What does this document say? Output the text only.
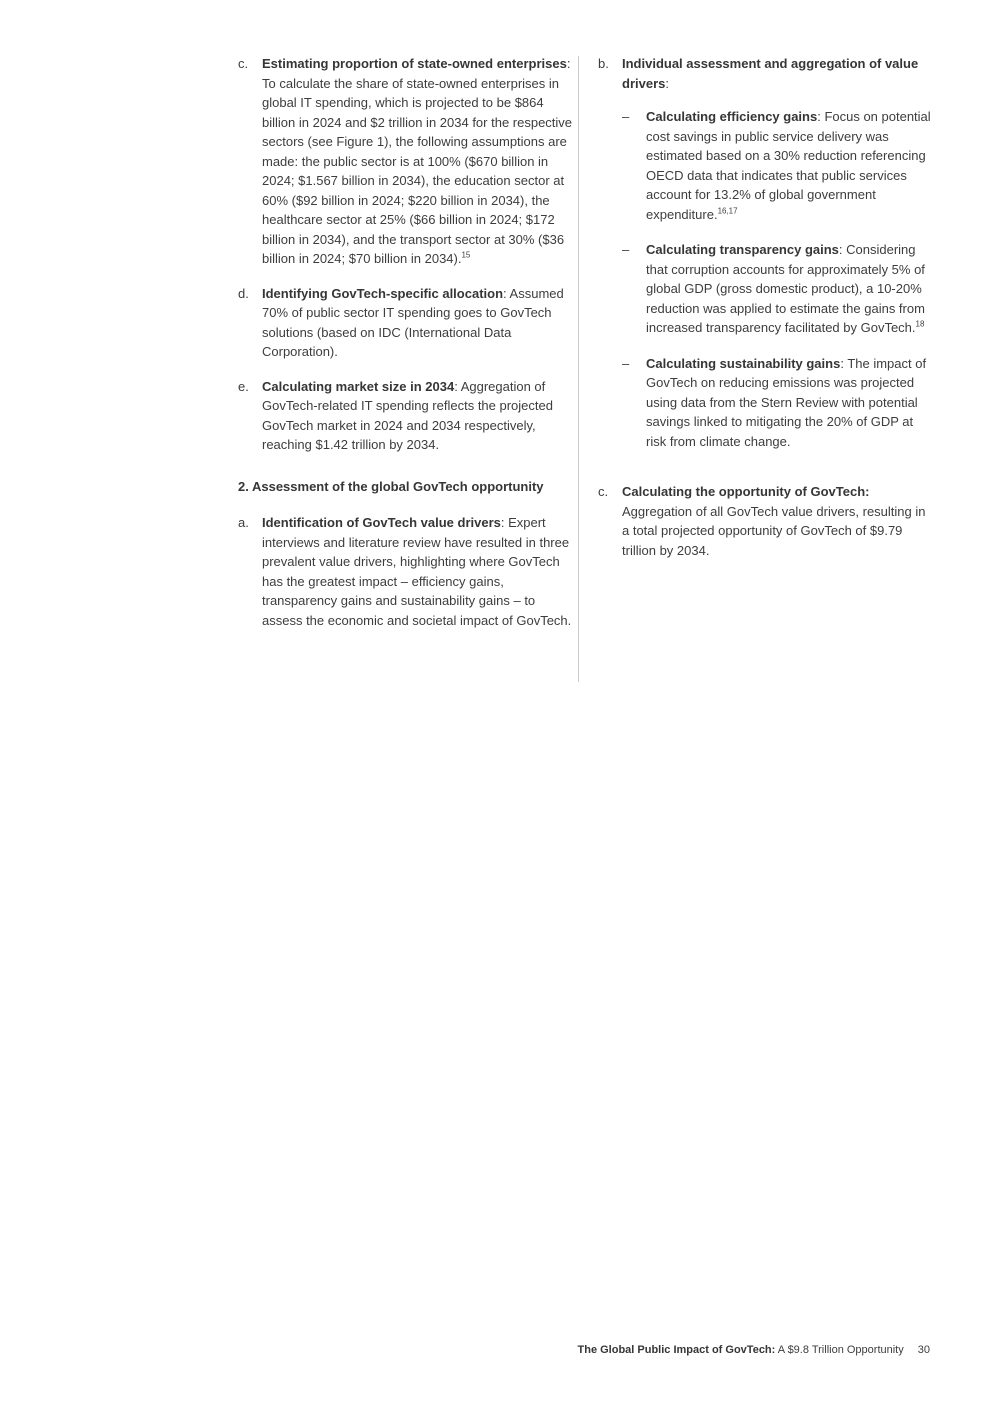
c.	Estimating proportion of state-owned enterprises: To calculate the share of state-owned enterprises in global IT spending, which is projected to be $864 billion in 2024 and $2 trillion in 2034 for the respective sectors (see Figure 1), the following assumptions are made: the public sector is at 100% ($670 billion in 2024; $1.567 billion in 2034), the education sector at 60% ($92 billion in 2024; $220 billion in 2034), the healthcare sector at 25% ($66 billion in 2024; $172 billion in 2034), and the transport sector at 30% ($36 billion in 2024; $70 billion in 2034).$^{15}$
d.	Identifying GovTech-specific allocation: Assumed 70% of public sector IT spending goes to GovTech solutions (based on IDC (International Data Corporation).
e.	Calculating market size in 2034: Aggregation of GovTech-related IT spending reflects the projected GovTech market in 2024 and 2034 respectively, reaching $1.42 trillion by 2034.
2. Assessment of the global GovTech opportunity
a.	Identification of GovTech value drivers: Expert interviews and literature review have resulted in three prevalent value drivers, highlighting where GovTech has the greatest impact – efficiency gains, transparency gains and sustainability gains – to assess the economic and societal impact of GovTech.
b.	Individual assessment and aggregation of value drivers:
–	Calculating efficiency gains: Focus on potential cost savings in public service delivery was estimated based on a 30% reduction referencing OECD data that indicates that public services account for 13.2% of global government expenditure.$^{16,17}$
–	Calculating transparency gains: Considering that corruption accounts for approximately 5% of global GDP (gross domestic product), a 10-20% reduction was applied to estimate the gains from increased transparency facilitated by GovTech.$^{18}$
–	Calculating sustainability gains: The impact of GovTech on reducing emissions was projected using data from the Stern Review with potential savings linked to mitigating the 20% of GDP at risk from climate change.
c.	Calculating the opportunity of GovTech: Aggregation of all GovTech value drivers, resulting in a total projected opportunity of GovTech of $9.79 trillion by 2034.
The Global Public Impact of GovTech: A $9.8 Trillion Opportunity 30
